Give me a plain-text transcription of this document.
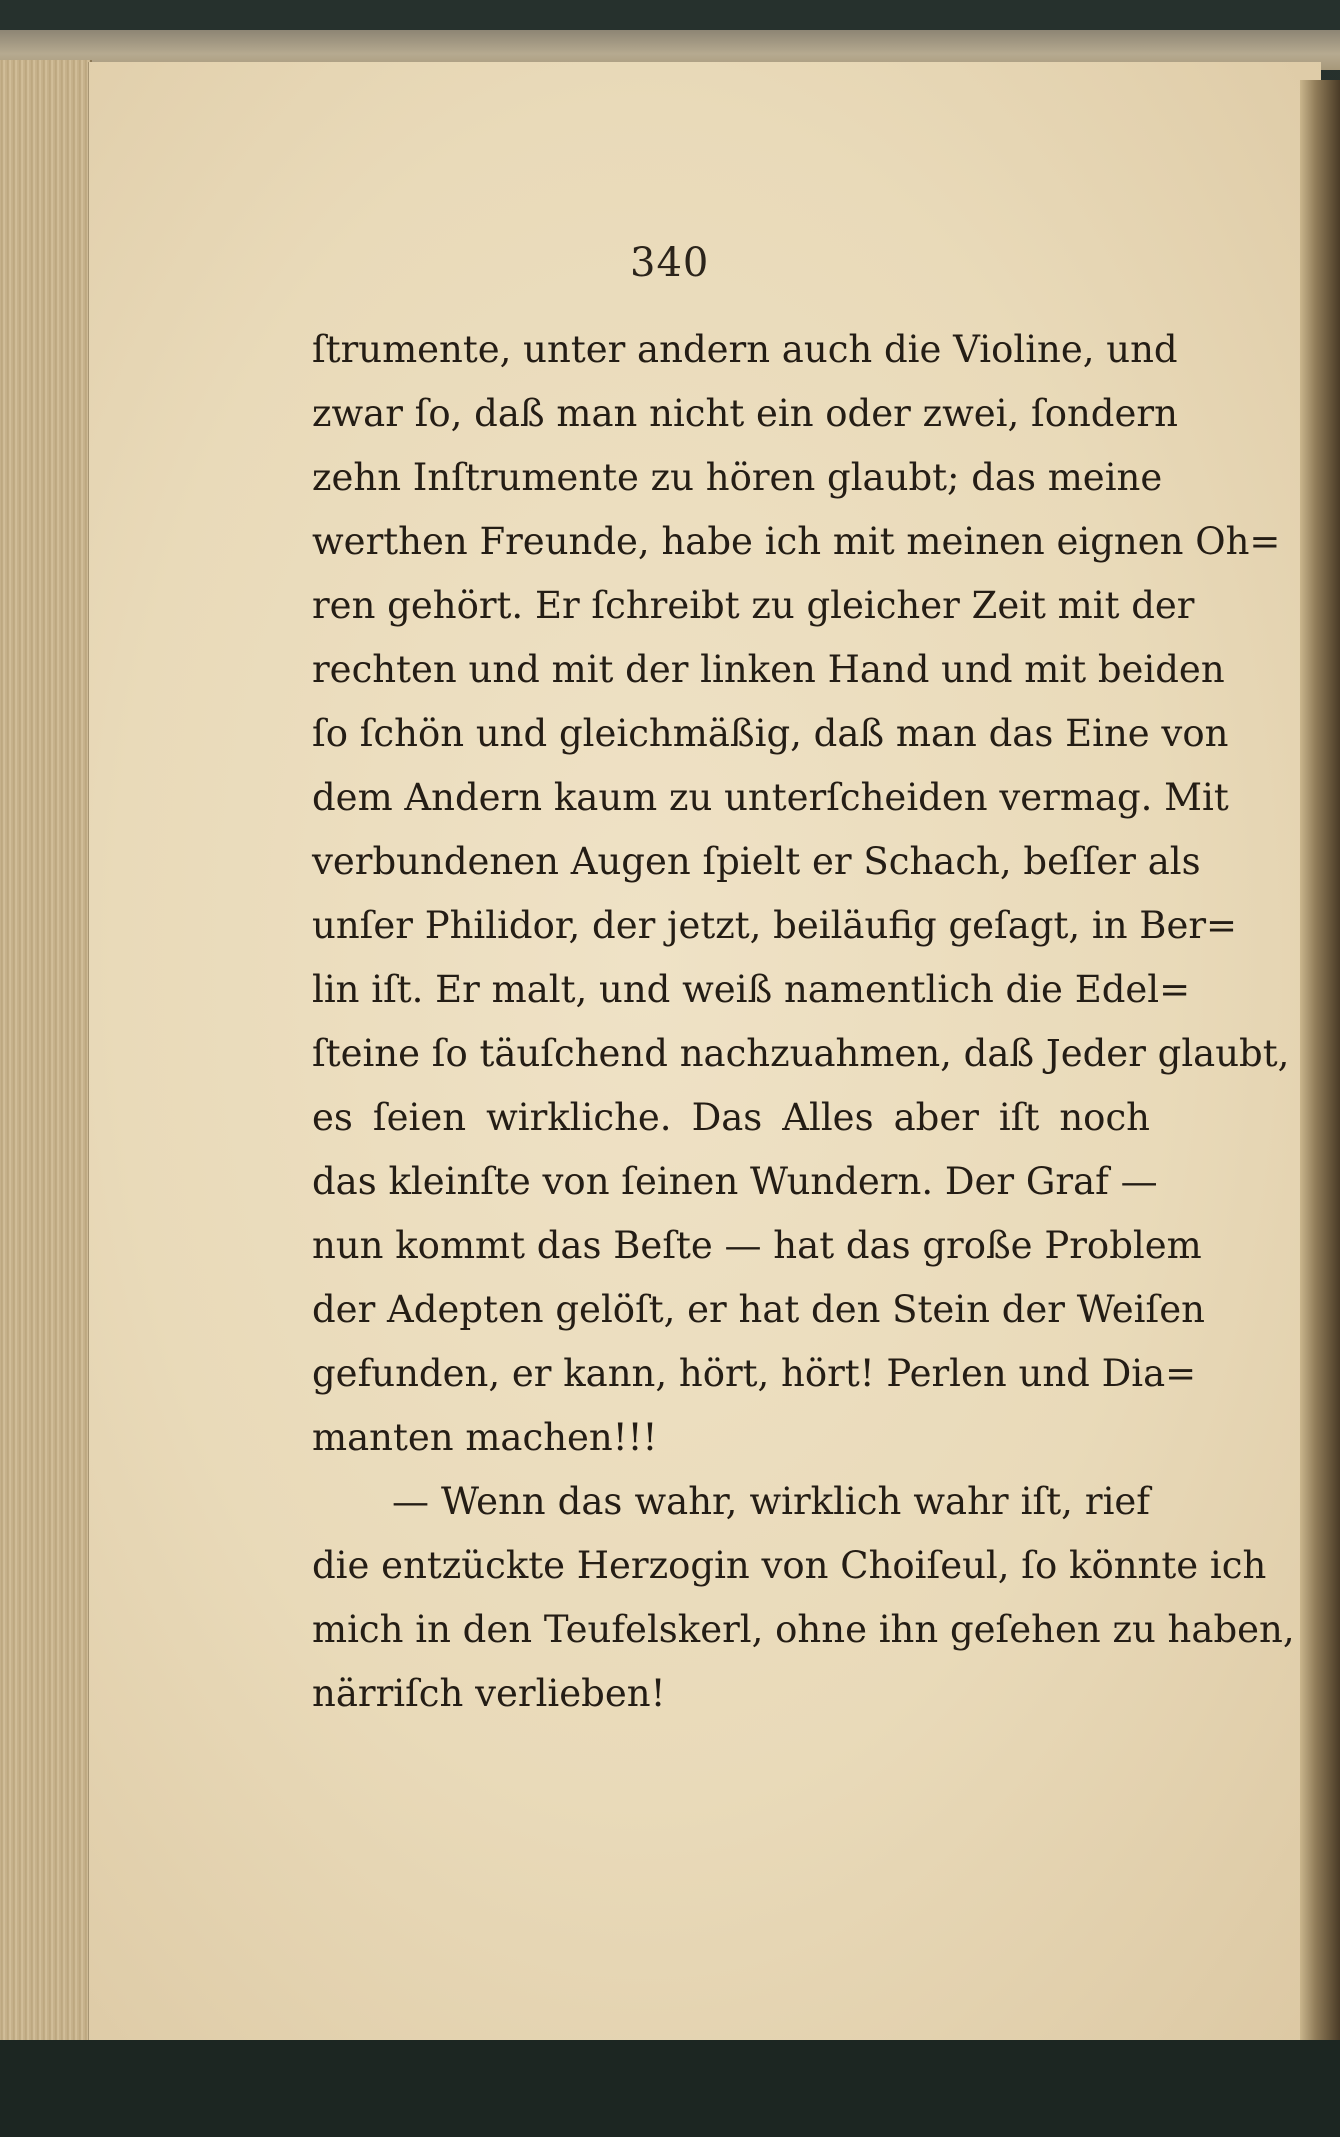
340
ſtrumente, unter andern auch die Violine, und
zwar ſo, daß man nicht ein oder zwei, ſondern
zehn Inſtrumente zu hören glaubt; das meine
werthen Freunde, habe ich mit meinen eignen Oh=
ren gehört. Er ſchreibt zu gleicher Zeit mit der
rechten und mit der linken Hand und mit beiden
ſo ſchön und gleichmäßig, daß man das Eine von
dem Andern kaum zu unterſcheiden vermag. Mit
verbundenen Augen ſpielt er Schach, beſſer als
unſer Philidor, der jetzt, beiläufig geſagt, in Ber=
lin iſt. Er malt, und weiß namentlich die Edel=
ſteine ſo täuſchend nachzuahmen, daß Jeder glaubt,
es ſeien wirkliche. Das Alles aber iſt noch
das kleinſte von ſeinen Wundern. Der Graf —
nun kommt das Beſte — hat das große Problem
der Adepten gelöſt, er hat den Stein der Weiſen
gefunden, er kann, hört, hört! Perlen und Dia=
manten machen!!!
— Wenn das wahr, wirklich wahr iſt, rief
die entzückte Herzogin von Choiſeul, ſo könnte ich
mich in den Teufelskerl, ohne ihn geſehen zu haben,
närriſch verlieben!
